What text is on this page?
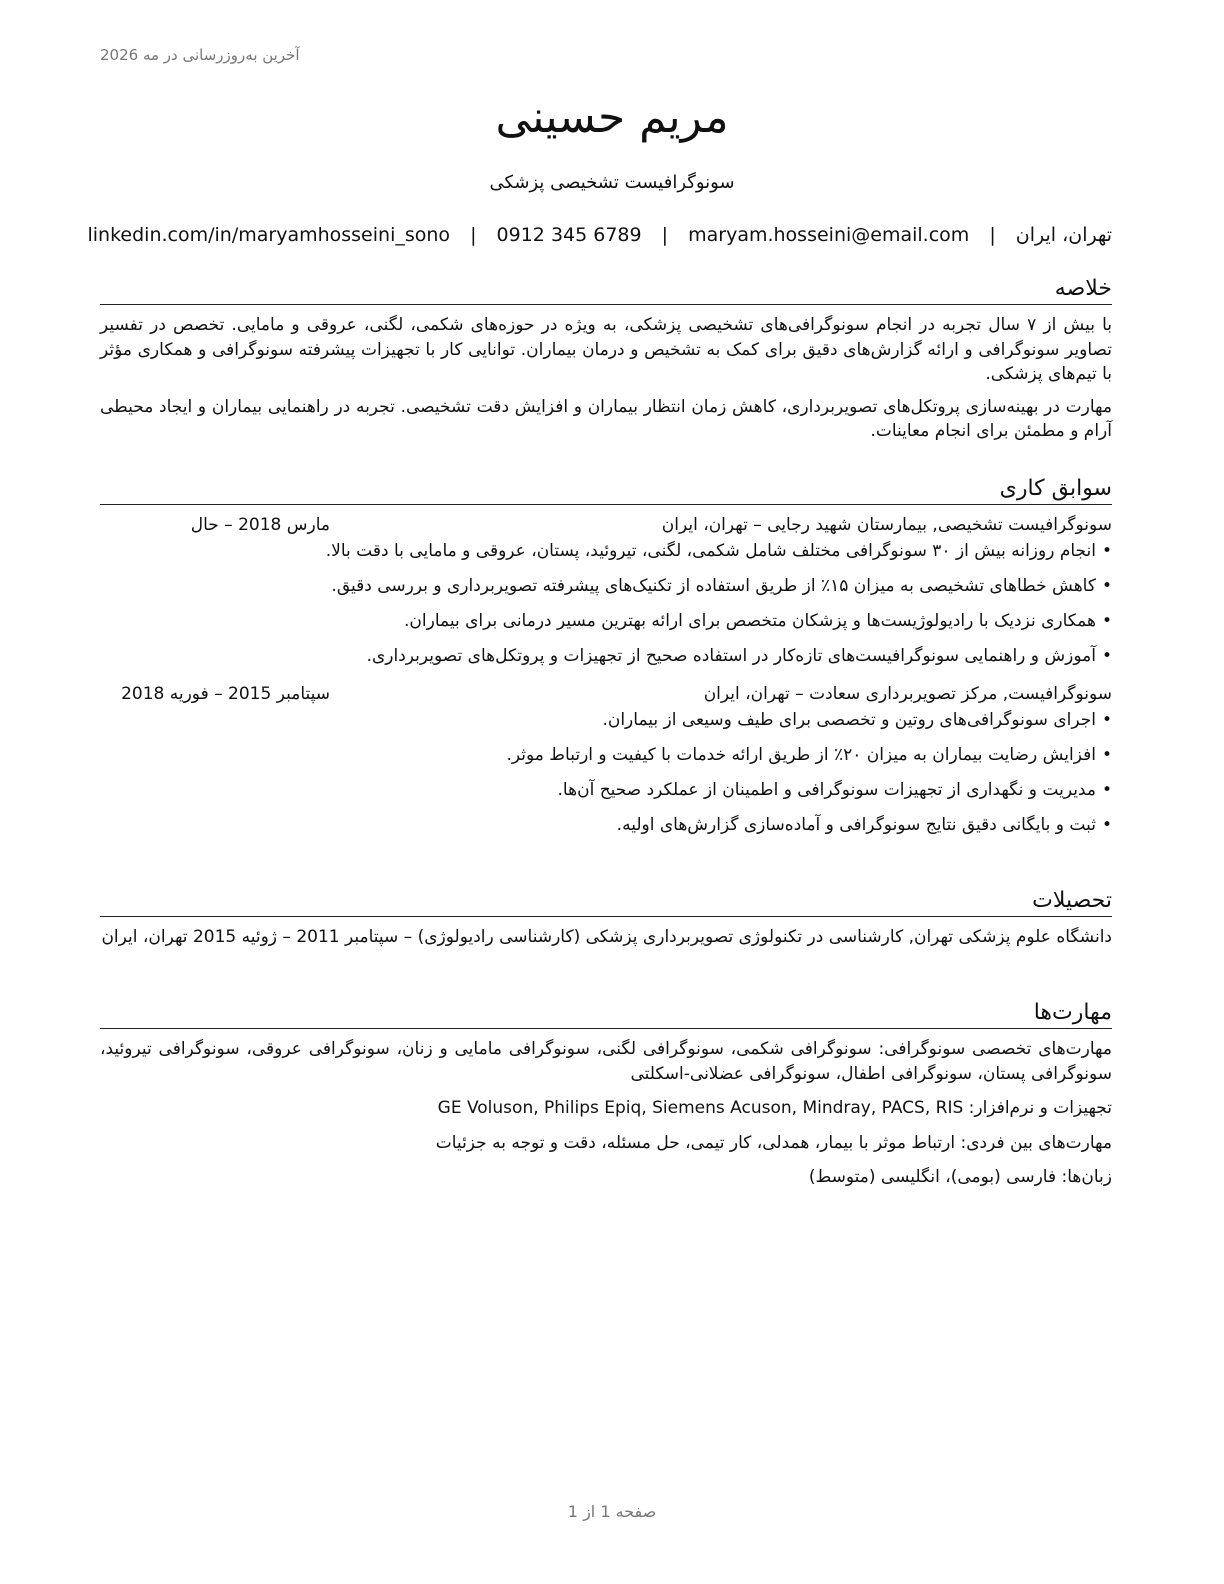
آخرین به‌روزرسانی در مه 2026
مریم حسینی
سونوگرافیست تشخیصی پزشکی
تهران، ایران | maryam.hosseini@email.com | 0912 345 6789 | linkedin.com/in/maryamhosseini_sono
خلاصه

با بیش از ۷ سال تجربه در انجام سونوگرافی‌های تشخیصی پزشکی، به ویژه در حوزه‌های شکمی، لگنی، عروقی و مامایی. تخصص در تفسیر تصاویر سونوگرافی و ارائه گزارش‌های دقیق برای کمک به تشخیص و درمان بیماران. توانایی کار با تجهیزات پیشرفته سونوگرافی و همکاری مؤثر با تیم‌های پزشکی.

مهارت در بهینه‌سازی پروتکل‌های تصویربرداری، کاهش زمان انتظار بیماران و افزایش دقت تشخیصی. تجربه در راهنمایی بیماران و ایجاد محیطی آرام و مطمئن برای انجام معاینات.

سوابق کاری
سونوگرافیست تشخیصی, بیمارستان شهید رجایی – تهران، ایران
مارس 2018 – حال
•انجام روزانه بیش از ۳۰ سونوگرافی مختلف شامل شکمی، لگنی، تیروئید، پستان، عروقی و مامایی با دقت بالا.
•کاهش خطاهای تشخیصی به میزان ۱۵٪ از طریق استفاده از تکنیک‌های پیشرفته تصویربرداری و بررسی دقیق.
•همکاری نزدیک با رادیولوژیست‌ها و پزشکان متخصص برای ارائه بهترین مسیر درمانی برای بیماران.
•آموزش و راهنمایی سونوگرافیست‌های تازه‌کار در استفاده صحیح از تجهیزات و پروتکل‌های تصویربرداری.
سونوگرافیست, مرکز تصویربرداری سعادت – تهران، ایران
سپتامبر 2015 – فوریه 2018
•اجرای سونوگرافی‌های روتین و تخصصی برای طیف وسیعی از بیماران.
•افزایش رضایت بیماران به میزان ۲۰٪ از طریق ارائه خدمات با کیفیت و ارتباط موثر.
•مدیریت و نگهداری از تجهیزات سونوگرافی و اطمینان از عملکرد صحیح آن‌ها.
•ثبت و بایگانی دقیق نتایج سونوگرافی و آماده‌سازی گزارش‌های اولیه.
تحصیلات

دانشگاه علوم پزشکی تهران, کارشناسی در تکنولوژی تصویربرداری پزشکی (کارشناسی رادیولوژی) – سپتامبر 2011 – ژوئیه 2015 تهران، ایران

مهارت‌ها

مهارت‌های تخصصی سونوگرافی: سونوگرافی شکمی، سونوگرافی لگنی، سونوگرافی مامایی و زنان، سونوگرافی عروقی، سونوگرافی تیروئید، سونوگرافی پستان، سونوگرافی اطفال، سونوگرافی عضلانی-اسکلتی

تجهیزات و نرم‌افزار: GE Voluson, Philips Epiq, Siemens Acuson, Mindray, PACS, RIS

مهارت‌های بین فردی: ارتباط موثر با بیمار، همدلی، کار تیمی، حل مسئله، دقت و توجه به جزئیات

زبان‌ها: فارسی (بومی)، انگلیسی (متوسط)

صفحه 1 از 1
